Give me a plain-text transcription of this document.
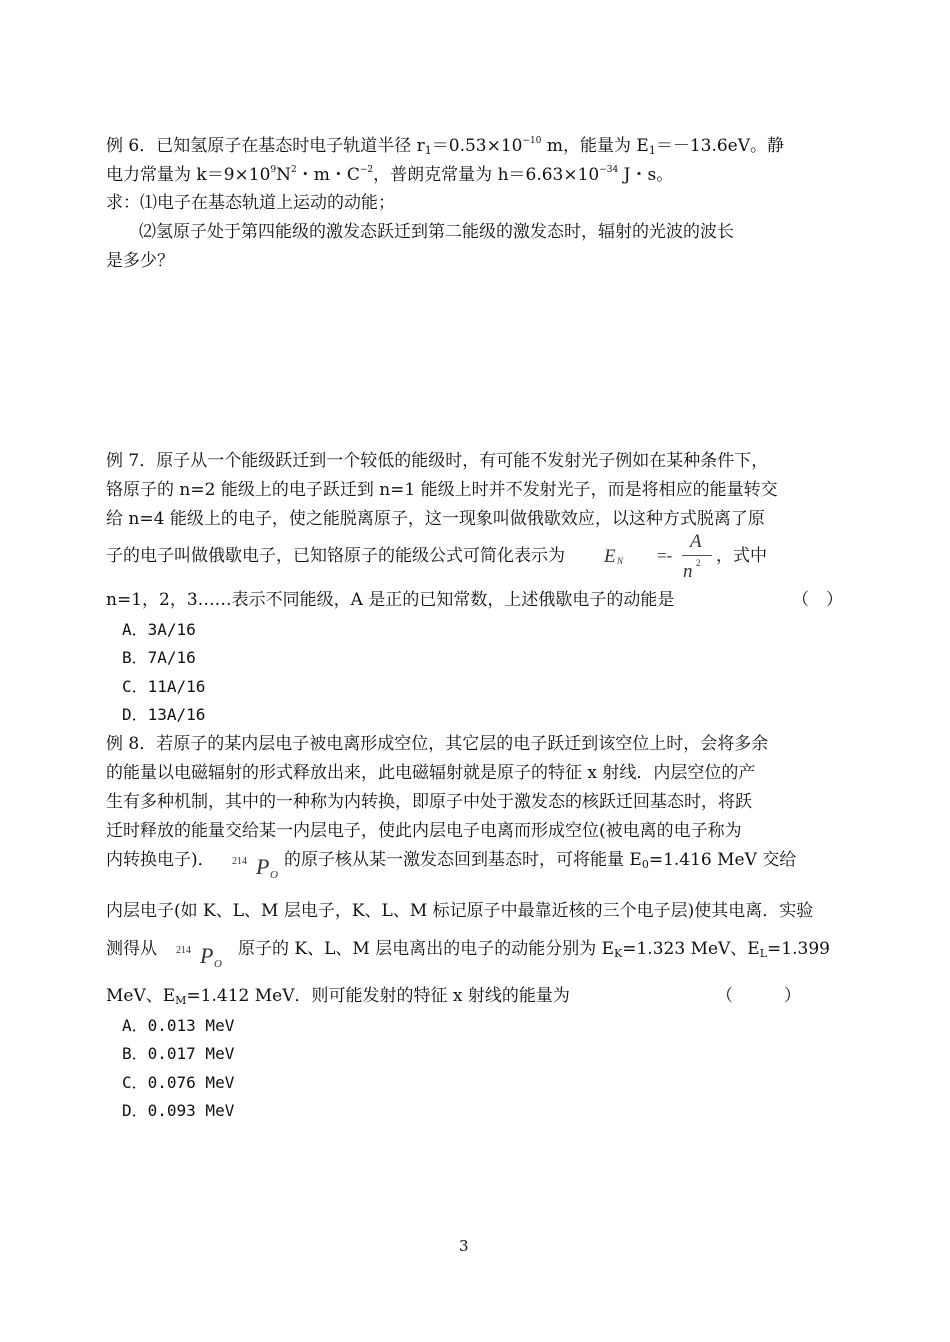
例 6．已知氢原子在基态时电子轨道半径 $r_1=0.53\times 10^{-10}$ m，能量为 $E_1=-13.6eV$。静
电力常量为 $k=9\times 10^9N^2$・m・$C^{-2}$，普朗克常量为 $h=6.63\times 10^{-34}$ J・s。
求：⑴电子在基态轨道上运动的动能；
⑵氢原子处于第四能级的激发态跃迁到第二能级的激发态时，辐射的光波的波长
是多少？
例 7．原子从一个能级跃迁到一个较低的能级时，有可能不发射光子例如在某种条件下，
铬原子的 n=2 能级上的电子跃迁到 n=1 能级上时并不发射光子，而是将相应的能量转交
给 n=4 能级上的电子，使之能脱离原子，这一现象叫做俄歇效应，以这种方式脱离了原
子的电子叫做俄歇电子，已知铬原子的能级公式可简化表示为 E N =-
A
n 2 ，式中
n=1，2，3……表示不同能级，A 是正的已知常数，上述俄歇电子的动能是	（　）
A．3A/16
B．7A/16
C．11A/16
D．13A/16
例 8．若原子的某内层电子被电离形成空位，其它层的电子跃迁到该空位上时，会将多余
的能量以电磁辐射的形式释放出来，此电磁辐射就是原子的特征 x 射线．内层空位的产
生有多种机制，其中的一种称为内转换，即原子中处于激发态的核跃迁回基态时，将跃
迁时释放的能量交给某一内层电子，使此内层电子电离而形成空位(被电离的电子称为
内转换电子)． 214 P O
的原子核从某一激发态回到基态时，可将能量 $E_0=1.416$ MeV 交给
内层电子(如 K、L、M 层电子，K、L、M 标记原子中最靠近核的三个电子层)使其电离．实验
测得从 214 P O
原子的 K、L、M 层电离出的电子的动能分别为 $E_K=1.323$ MeV、$E_L=1.399$
MeV、$E_M=1.412$ MeV．则可能发射的特征 x 射线的能量为	（　　　）
A．0.013 MeV
B．0.017 MeV
C．0.076 MeV
D．0.093 MeV
3
